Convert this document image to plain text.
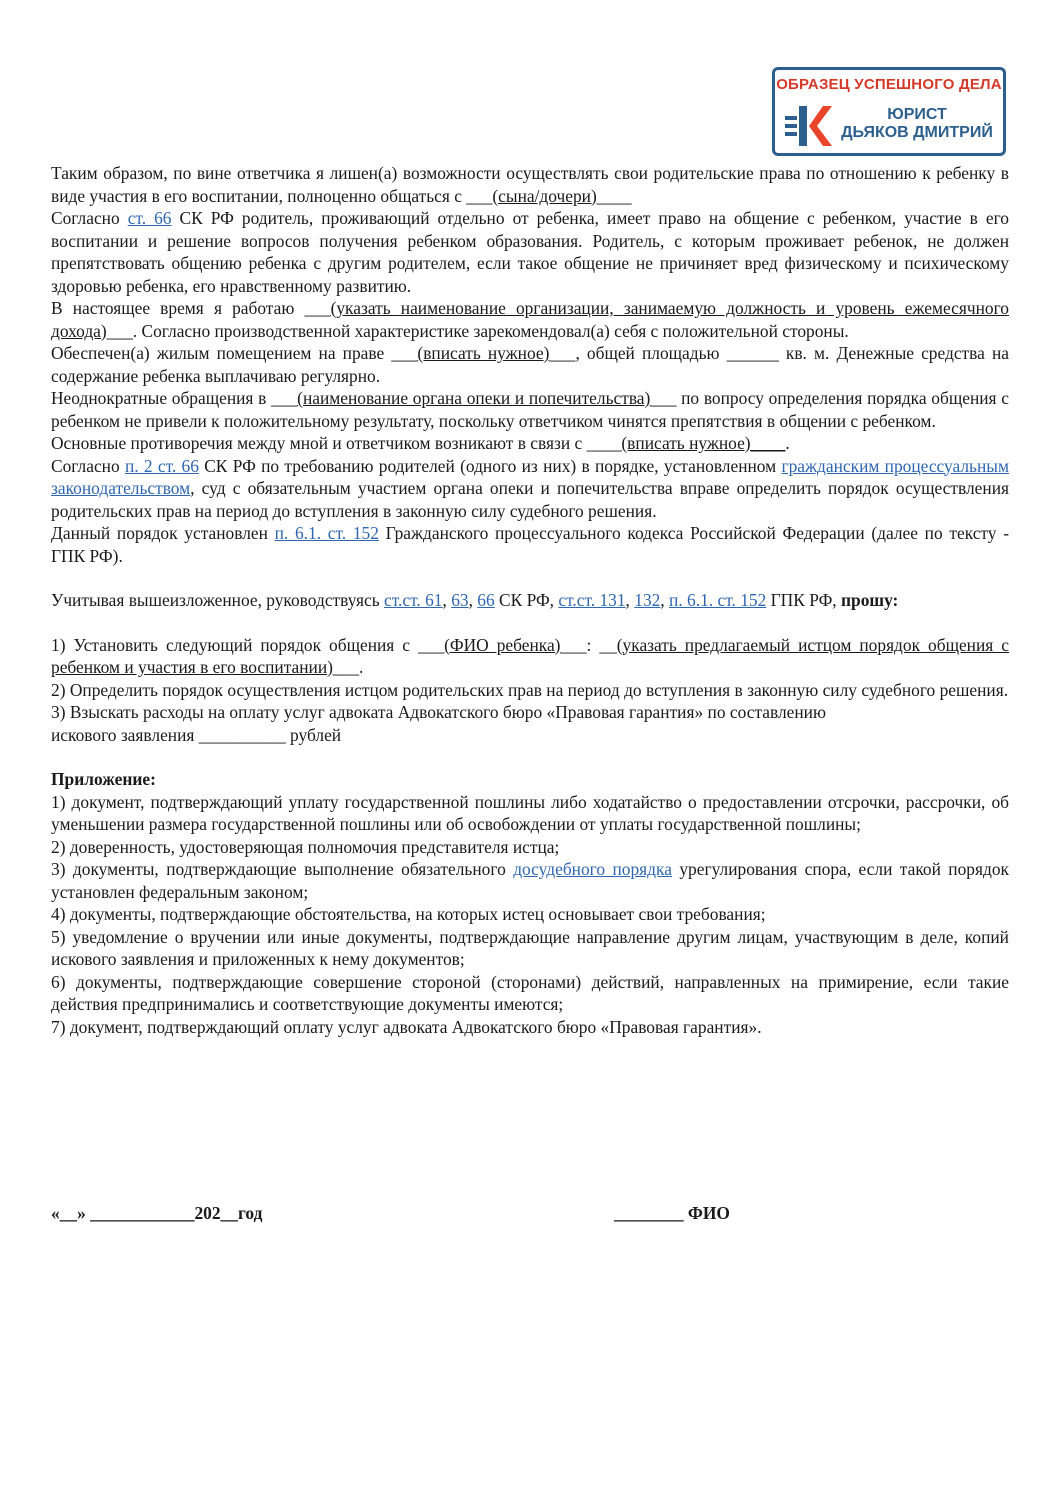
ОБРАЗЕЦ УСПЕШНОГО ДЕЛА
ЮРИСТ
ДЬЯКОВ ДМИТРИЙ

Таким образом, по вине ответчика я лишен(а) возможности осуществлять свои родительские права по отношению к ребенку в виде участия в его воспитании, полноценно общаться с ___(сына/дочери)____

Согласно ст. 66 СК РФ родитель, проживающий отдельно от ребенка, имеет право на общение с ребенком, участие в его воспитании и решение вопросов получения ребенком образования. Родитель, с которым проживает ребенок, не должен препятствовать общению ребенка с другим родителем, если такое общение не причиняет вред физическому и психическому здоровью ребенка, его нравственному развитию.

В настоящее время я работаю ___(указать наименование организации, занимаемую должность и уровень ежемесячного дохода)___. Согласно производственной характеристике зарекомендовал(а) себя с положительной стороны.

Обеспечен(а) жилым помещением на праве ___(вписать нужное)___, общей площадью ______ кв. м. Денежные средства на содержание ребенка выплачиваю регулярно.

Неоднократные обращения в ___(наименование органа опеки и попечительства)___ по вопросу определения порядка общения с ребенком не привели к положительному результату, поскольку ответчиком чинятся препятствия в общении с ребенком.

Основные противоречия между мной и ответчиком возникают в связи с ____(вписать нужное)____.

Согласно п. 2 ст. 66 СК РФ по требованию родителей (одного из них) в порядке, установленном гражданским процессуальным законодательством, суд с обязательным участием органа опеки и попечительства вправе определить порядок осуществления родительских прав на период до вступления в законную силу судебного решения.

Данный порядок установлен п. 6.1. ст. 152 Гражданского процессуального кодекса Российской Федерации (далее по тексту - ГПК РФ).

Учитывая вышеизложенное, руководствуясь ст.ст. 61, 63, 66 СК РФ, ст.ст. 131, 132, п. 6.1. ст. 152 ГПК РФ, прошу:

1) Установить следующий порядок общения с ___(ФИО ребенка)___: __(указать предлагаемый истцом порядок общения с ребенком и участия в его воспитании)___.

2) Определить порядок осуществления истцом родительских прав на период до вступления в законную силу судебного решения.

3) Взыскать расходы на оплату услуг адвоката Адвокатского бюро «Правовая гарантия» по составлению
искового заявления __________ рублей

Приложение:

1) документ, подтверждающий уплату государственной пошлины либо ходатайство о предоставлении отсрочки, рассрочки, об уменьшении размера государственной пошлины или об освобождении от уплаты государственной пошлины;

2) доверенность, удостоверяющая полномочия представителя истца;

3) документы, подтверждающие выполнение обязательного досудебного порядка урегулирования спора, если такой порядок установлен федеральным законом;

4) документы, подтверждающие обстоятельства, на которых истец основывает свои требования;

5) уведомление о вручении или иные документы, подтверждающие направление другим лицам, участвующим в деле, копий искового заявления и приложенных к нему документов;

6) документы, подтверждающие совершение стороной (сторонами) действий, направленных на примирение, если такие действия предпринимались и соответствующие документы имеются;

7) документ, подтверждающий оплату услуг адвоката Адвокатского бюро «Правовая гарантия».

«__» ____________202__год	________ ФИО
